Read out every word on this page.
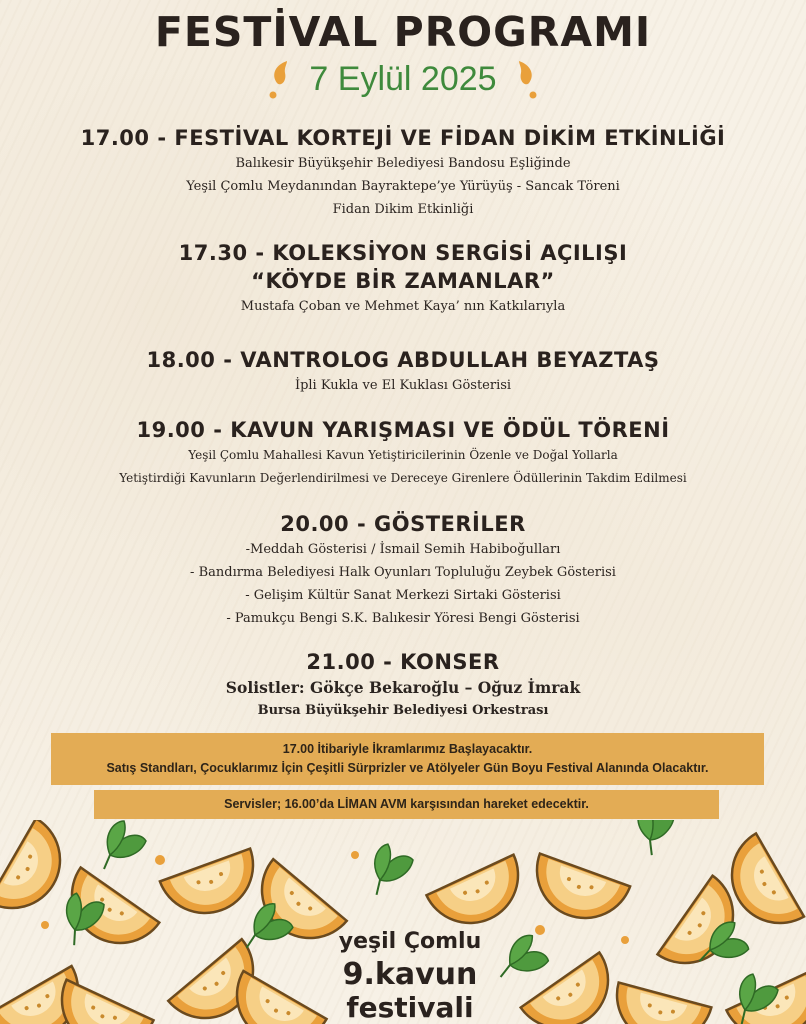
FESTİVAL PROGRAMI
7 Eylül 2025
17.00 - FESTİVAL KORTEJİ VE FİDAN DİKİM ETKİNLİĞİ
Balıkesir Büyükşehir Belediyesi Bandosu Eşliğinde
Yeşil Çomlu Meydanından Bayraktepe’ye Yürüyüş - Sancak Töreni
Fidan Dikim Etkinliği
17.30 - KOLEKSİYON SERGİSİ AÇILIŞI
“KÖYDE BİR ZAMANLAR”
Mustafa Çoban ve Mehmet Kaya’ nın Katkılarıyla
18.00 - VANTROLOG ABDULLAH BEYAZTAŞ
İpli Kukla ve El Kuklası Gösterisi
19.00 - KAVUN YARIŞMASI VE ÖDÜL TÖRENİ
Yeşil Çomlu Mahallesi Kavun Yetiştiricilerinin Özenle ve Doğal Yollarla
Yetiştirdiği Kavunların Değerlendirilmesi ve Dereceye Girenlere Ödüllerinin Takdim Edilmesi
20.00 - GÖSTERİLER
-Meddah Gösterisi / İsmail Semih Habiboğulları
- Bandırma Belediyesi Halk Oyunları Topluluğu Zeybek Gösterisi
- Gelişim Kültür Sanat Merkezi Sirtaki Gösterisi
- Pamukçu Bengi S.K. Balıkesir Yöresi Bengi Gösterisi
21.00 - KONSER
Solistler: Gökçe Bekaroğlu – Oğuz İmrak
Bursa Büyükşehir Belediyesi Orkestrası
17.00 İtibariyle İkramlarımız Başlayacaktır.
Satış Standları, Çocuklarımız İçin Çeşitli Sürprizler ve Atölyeler Gün Boyu Festival Alanında Olacaktır.
Servisler; 16.00’da LİMAN AVM karşısından hareket edecektir.
yeşil Çomlu
9.kavun
festivali
